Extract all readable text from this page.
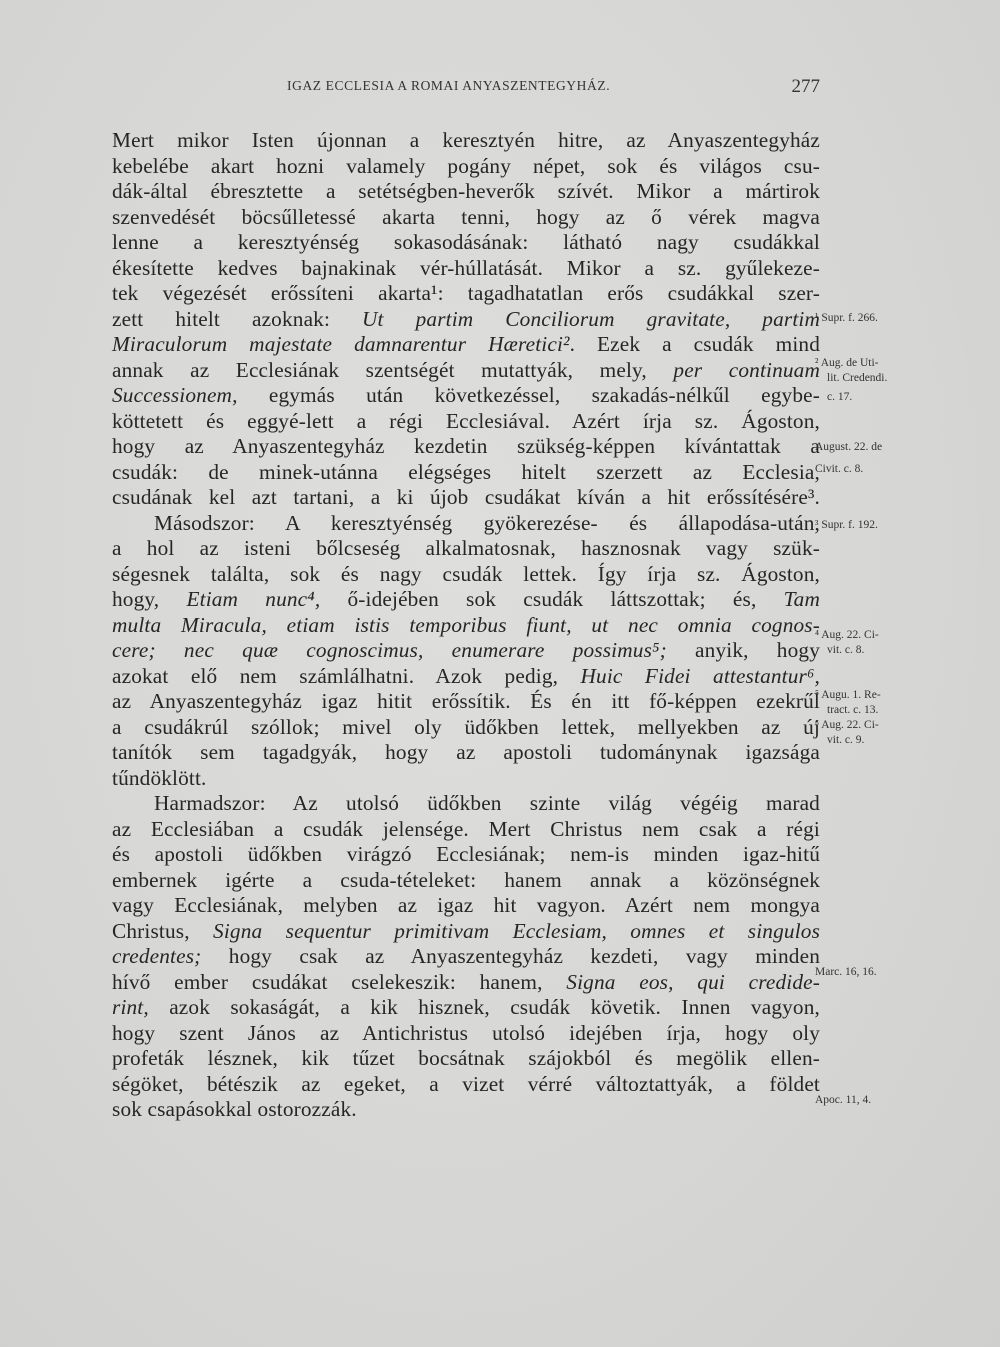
IGAZ ECCLESIA A ROMAI ANYASZENTEGYHÁZ.	277
Mert mikor Isten újonnan a keresztyén hitre, az Anyaszentegyház
kebelébe akart hozni valamely pogány népet, sok és világos csu-
dák-által ébresztette a setétségben-heverők szívét. Mikor a mártirok
szenvedését böcsűlletessé akarta tenni, hogy az ő vérek magva
lenne a keresztyénség sokasodásának: látható nagy csudákkal
ékesítette kedves bajnakinak vér-húllatását. Mikor a sz. gyűlekeze-
tek végezését erőssíteni akarta¹: tagadhatatlan erős csudákkal szer-
zett hitelt azoknak: Ut partim Conciliorum gravitate, partim
Miraculorum majestate damnarentur Hæretici². Ezek a csudák mind
annak az Ecclesiának szentségét mutattyák, mely, per continuam
Successionem, egymás után következéssel, szakadás-nélkűl egybe-
köttetett és eggyé-lett a régi Ecclesiával. Azért írja sz. Ágoston,
hogy az Anyaszentegyház kezdetin szükség-képpen kívántattak a
csudák: de minek-utánna elégséges hitelt szerzett az Ecclesia,
csudának kel azt tartani, a ki újob csudákat kíván a hit erőssítésére³.
Másodszor: A keresztyénség gyökerezése- és állapodása-után,
a hol az isteni bőlcseség alkalmatosnak, hasznosnak vagy szük-
ségesnek találta, sok és nagy csudák lettek. Így írja sz. Ágoston,
hogy, Etiam nunc⁴, ő-idejében sok csudák láttszottak; és, Tam
multa Miracula, etiam istis temporibus fiunt, ut nec omnia cognos-
cere; nec quæ cognoscimus, enumerare possimus⁵; anyik, hogy
azokat elő nem számlálhatni. Azok pedig, Huic Fidei attestantur⁶,
az Anyaszentegyház igaz hitit erőssítik. És én itt fő-képpen ezekrűl
a csudákrúl szóllok; mivel oly üdőkben lettek, mellyekben az új
tanítók sem tagadgyák, hogy az apostoli tudománynak igazsága
tűndöklött.
Harmadszor: Az utolsó üdőkben szinte világ végéig marad
az Ecclesiában a csudák jelensége. Mert Christus nem csak a régi
és apostoli üdőkben virágzó Ecclesiának; nem-is minden igaz-hitű
embernek igérte a csuda-tételeket: hanem annak a közönségnek
vagy Ecclesiának, melyben az igaz hit vagyon. Azért nem mongya
Christus, Signa sequentur primitivam Ecclesiam, omnes et singulos
credentes; hogy csak az Anyaszentegyház kezdeti, vagy minden
hívő ember csudákat cselekeszik: hanem, Signa eos, qui credide-
rint, azok sokaságát, a kik hisznek, csudák követik. Innen vagyon,
hogy szent János az Antichristus utolsó idejében írja, hogy oly
profeták lésznek, kik tűzet bocsátnak szájokból és megölik ellen-
ségöket, bétészik az egeket, a vizet vérré változtattyák, a földet
sok csapásokkal ostorozzák.
¹ Supr. f. 266.
² Aug. de Uti-
lit. Credendi.
c. 17.
August. 22. de
Civit. c. 8.
³ Supr. f. 192.
⁴ Aug. 22. Ci-
vit. c. 8.
⁵ Augu. 1. Re-
tract. c. 13.
⁶ Aug. 22. Ci-
vit. c. 9.
Marc. 16, 16.
Apoc. 11, 4.
